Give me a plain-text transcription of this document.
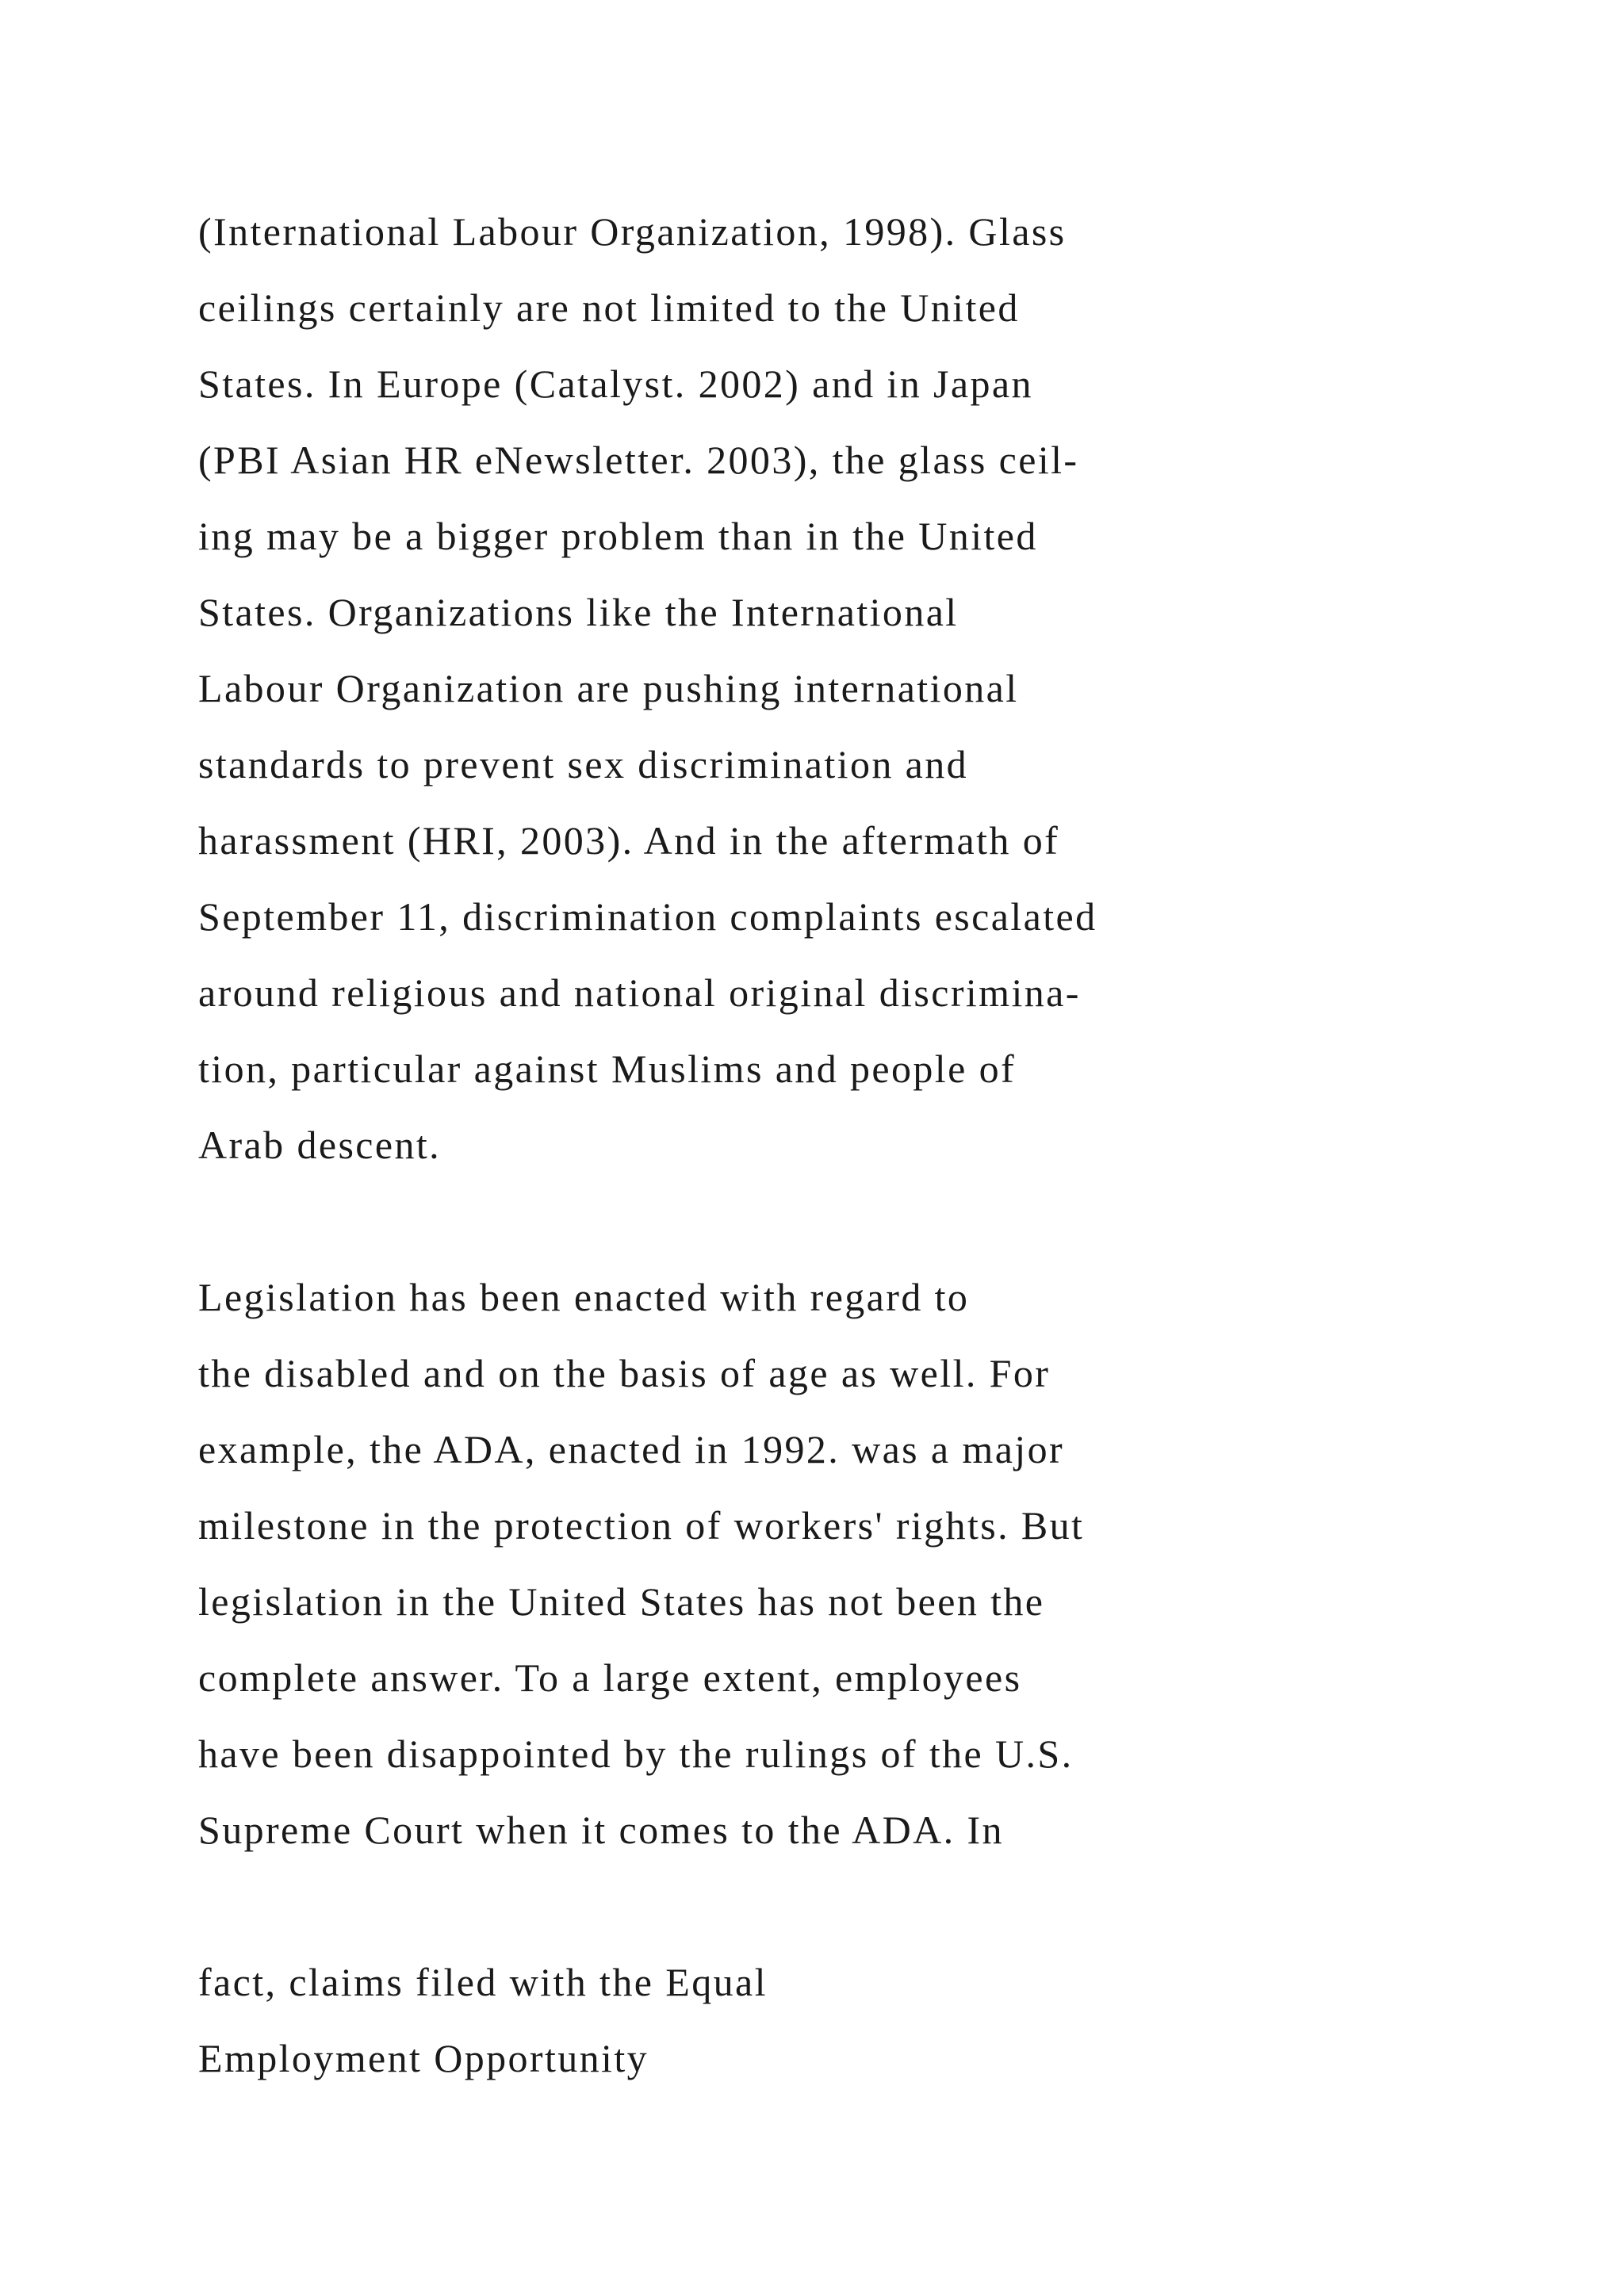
(International Labour Organization, 1998). Glass
ceilings certainly are not limited to the United
States. In Europe (Catalyst. 2002) and in Japan
(PBI Asian HR eNewsletter. 2003), the glass ceil-
ing may be a bigger problem than in the United
States. Organizations like the International
Labour Organization are pushing international
standards to prevent sex discrimination and
harassment (HRI, 2003). And in the aftermath of
September 11, discrimination complaints escalated
around religious and national original discrimina-
tion, particular against Muslims and people of
Arab descent.
Legislation has been enacted with regard to
the disabled and on the basis of age as well. For
example, the ADA, enacted in 1992. was a major
milestone in the protection of workers' rights. But
legislation in the United States has not been the
complete answer. To a large extent, employees
have been disappointed by the rulings of the U.S.
Supreme Court when it comes to the ADA. In
fact, claims filed with the Equal
Employment Opportunity
